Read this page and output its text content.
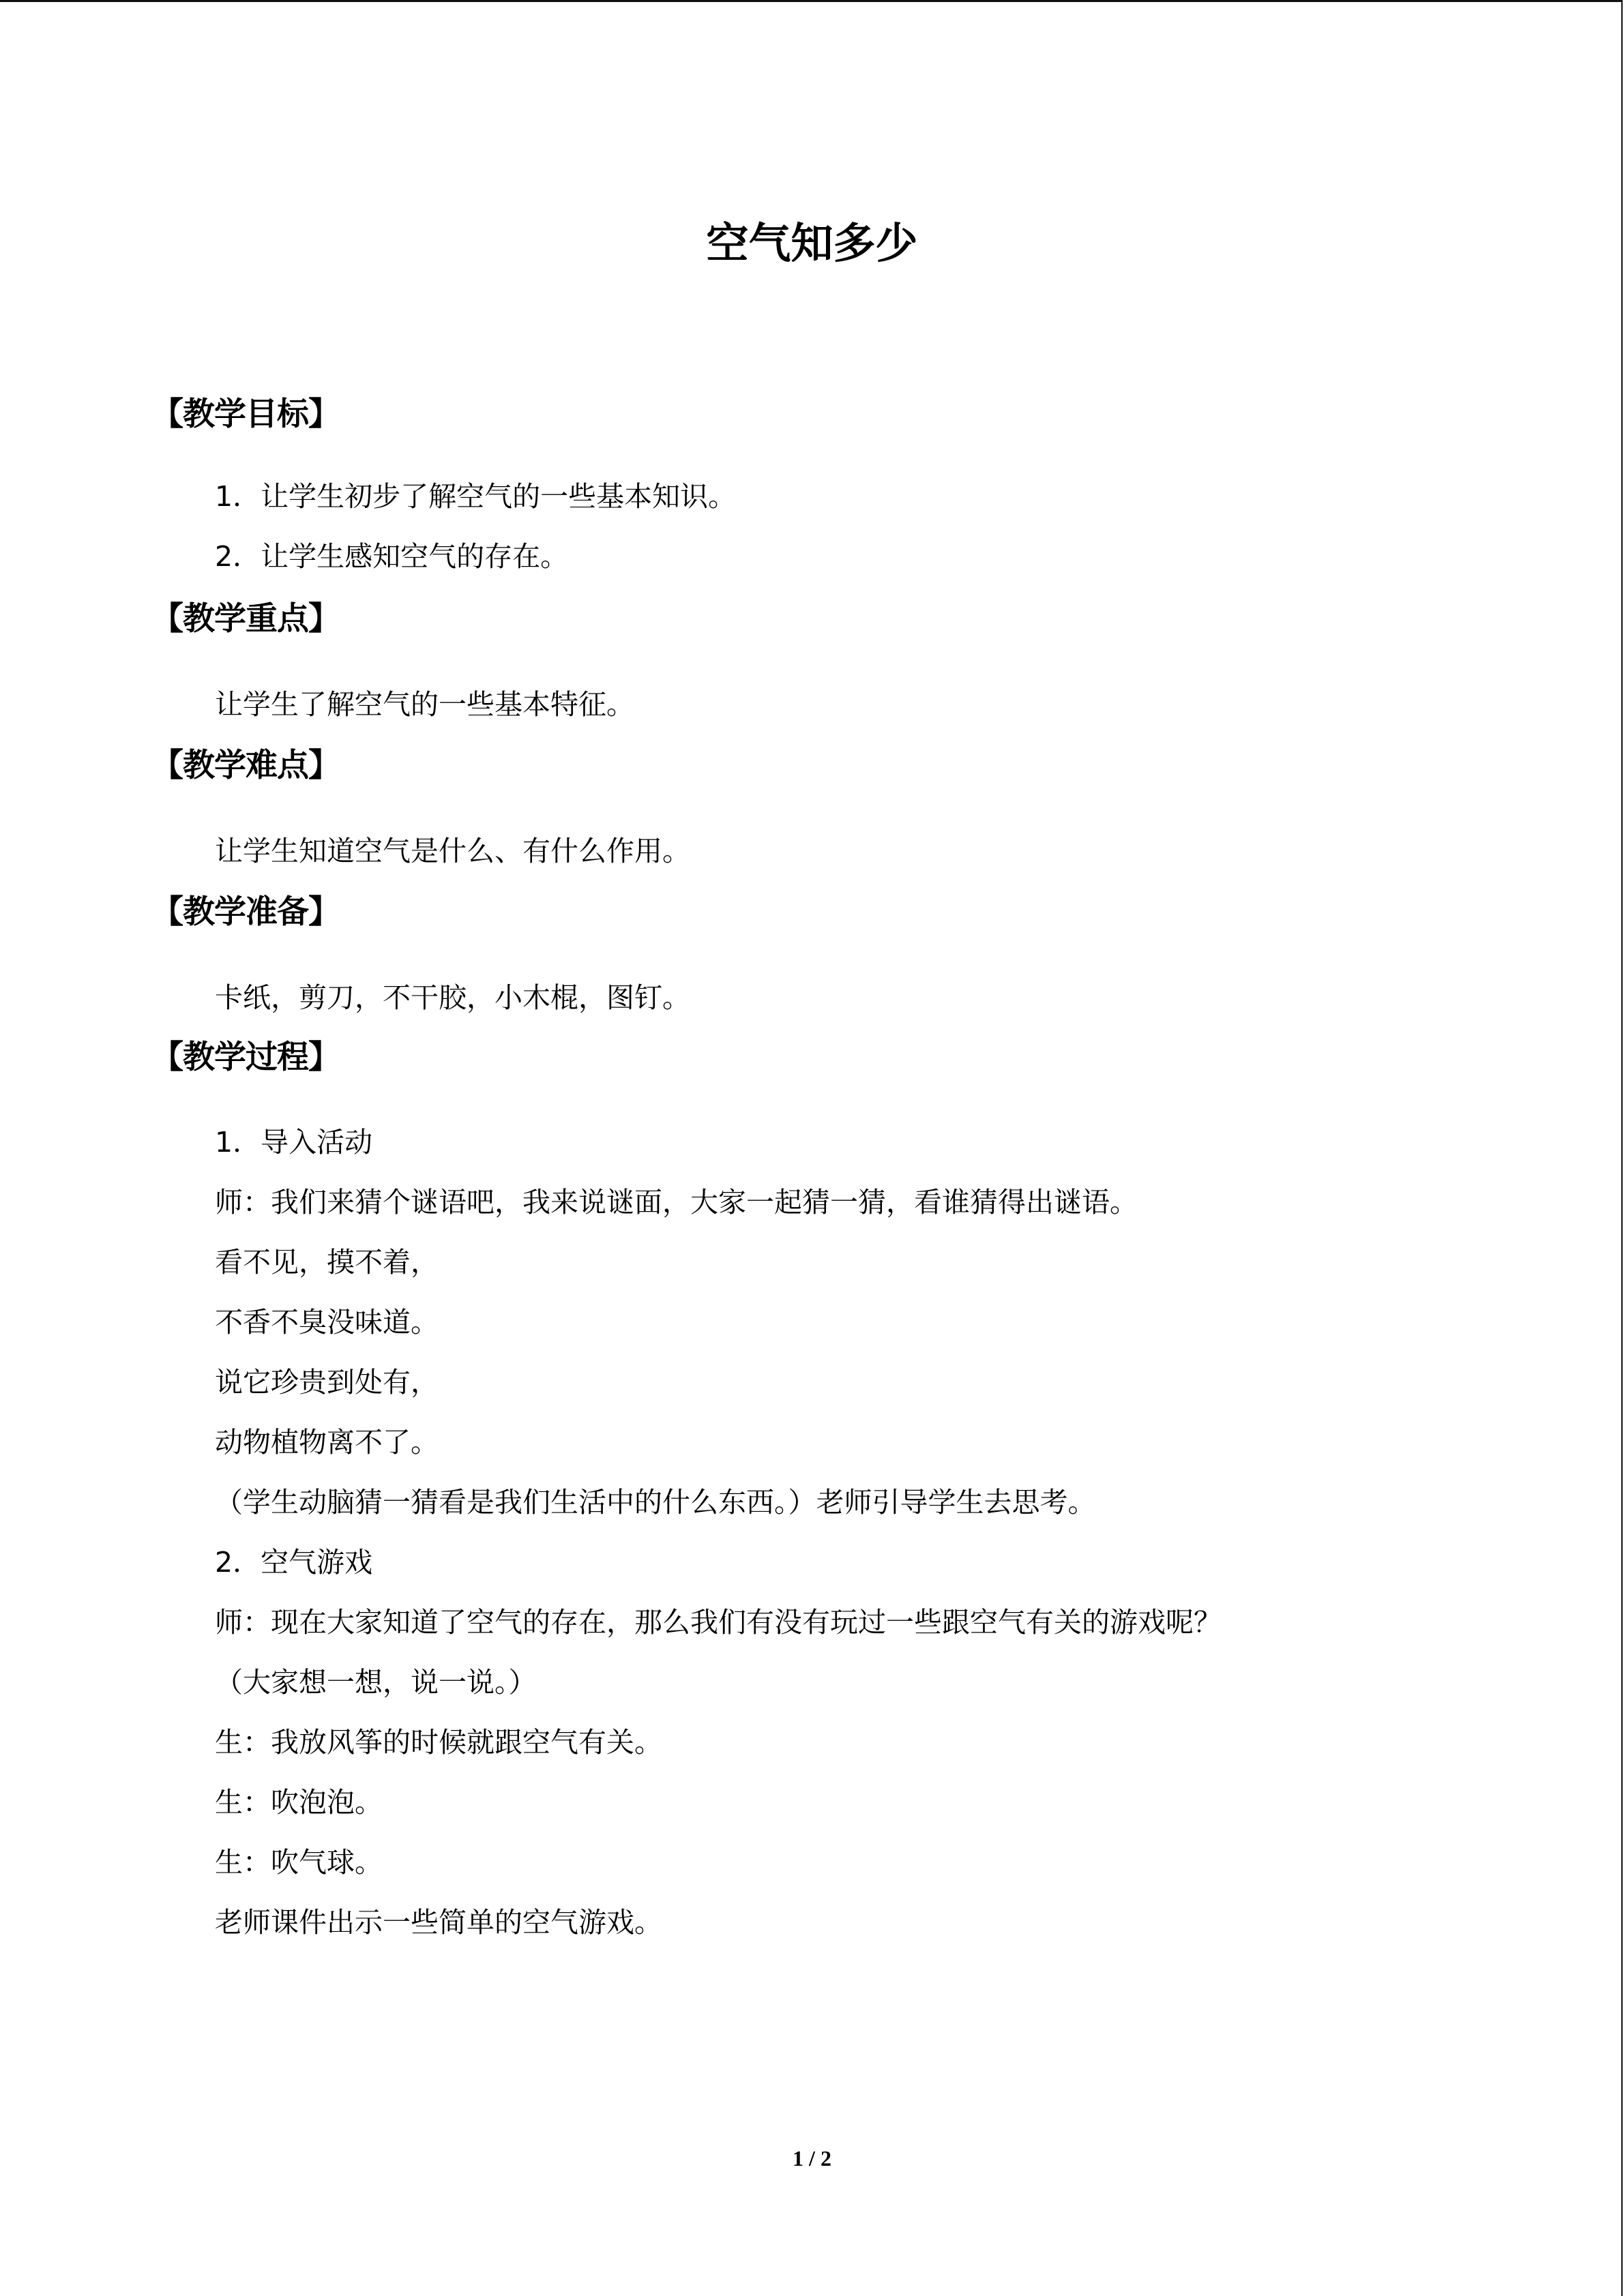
空气知多少
【教学目标】
1．让学生初步了解空气的一些基本知识。
2．让学生感知空气的存在。
【教学重点】
让学生了解空气的一些基本特征。
【教学难点】
让学生知道空气是什么、有什么作用。
【教学准备】
卡纸，剪刀，不干胶，小木棍，图钉。
【教学过程】
1．导入活动
师：我们来猜个谜语吧，我来说谜面，大家一起猜一猜，看谁猜得出谜语。
看不见，摸不着，
不香不臭没味道。
说它珍贵到处有，
动物植物离不了。
（学生动脑猜一猜看是我们生活中的什么东西。）老师引导学生去思考。
2．空气游戏
师：现在大家知道了空气的存在，那么我们有没有玩过一些跟空气有关的游戏呢？
（大家想一想，说一说。）
生：我放风筝的时候就跟空气有关。
生：吹泡泡。
生：吹气球。
老师课件出示一些简单的空气游戏。
1 / 2
